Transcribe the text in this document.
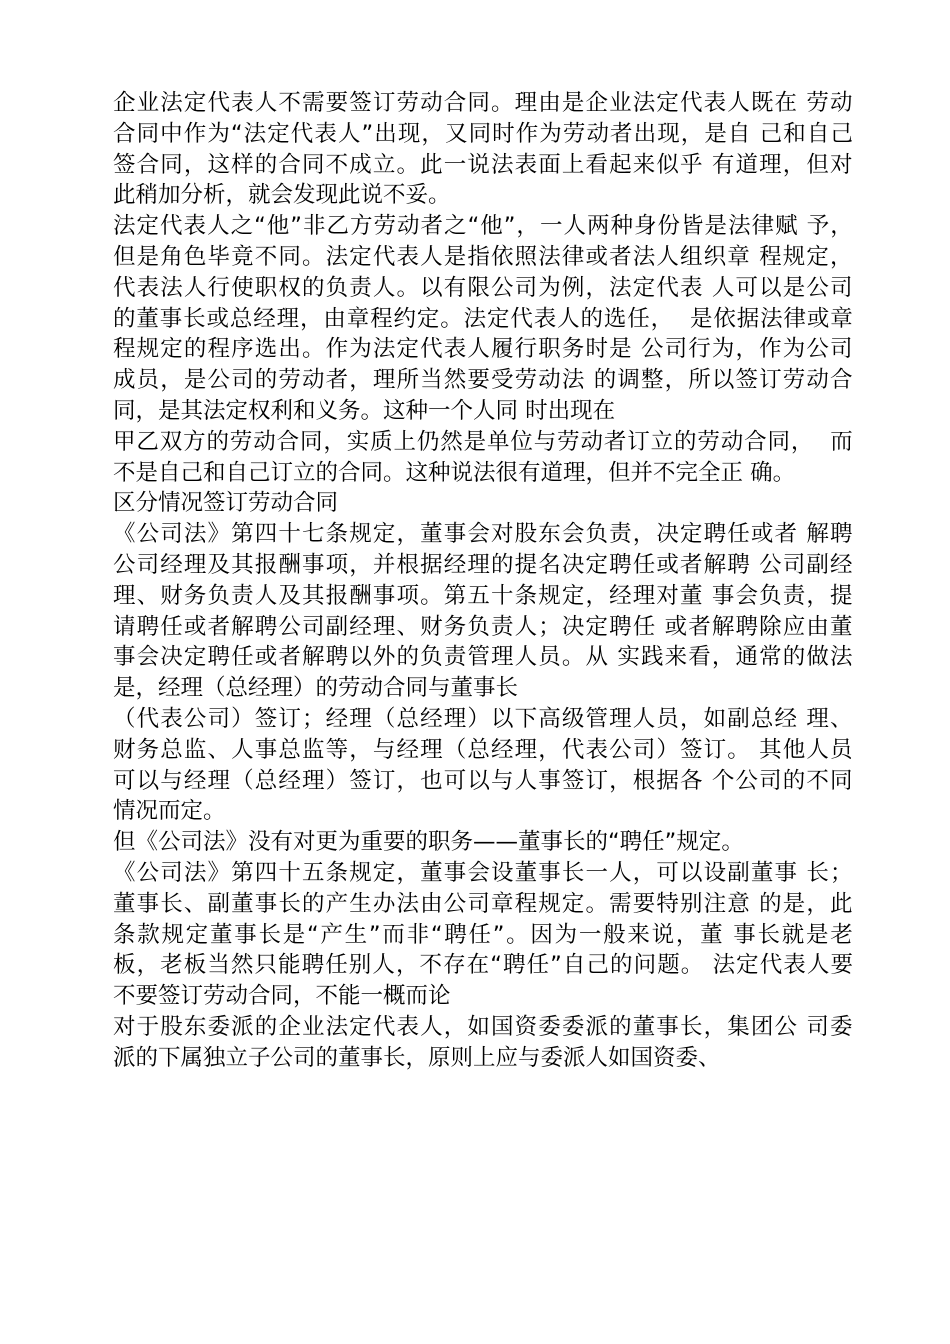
企 业 法 定 代 表 人 不 需 要 签 订 劳 动 合 同 。 理 由 是 企 业 法 定 代 表 人 既 在
劳 动
合 同 中 作 为 “ 法 定 代 表 人 ” 出 现 ， 又 同 时 作 为 劳 动 者 出 现 ， 是 自
己 和 自 己
签 合 同 ， 这 样 的 合 同 不 成 立 。 此 一 说 法 表 面 上 看 起 来 似 乎
有 道 理 ， 但 对
此稍加分析，就会发现此说不妥。
法 定 代 表 人 之 “ 他 ” 非 乙 方 劳 动 者 之 “ 他 ” ， 一 人 两 种 身 份 皆 是 法 律 赋
予 ，
但 是 角 色 毕 竟 不 同 。 法 定 代 表 人 是 指 依 照 法 律 或 者 法 人 组 织 章
程 规 定 ，
代 表 法 人 行 使 职 权 的 负 责 人 。 以 有 限 公 司 为 例 ， 法 定 代 表
人 可 以 是 公 司
的 董 事 长 或 总 经 理 ， 由 章 程 约 定 。 法 定 代 表 人 的 选 任 ，

是 依 据 法 律 或 章
程 规 定 的 程 序 选 出 。 作 为 法 定 代 表 人 履 行 职 务 时 是
公 司 行 为 ， 作 为 公 司
成 员 ， 是 公 司 的 劳 动 者 ， 理 所 当 然 要 受 劳 动 法
的 调 整 ， 所 以 签 订 劳 动 合
同，是其法定权利和义务。这种一个人同 时出现在
甲 乙 双 方 的 劳 动 合 同 ， 实 质 上 仍 然 是 单 位 与 劳 动 者 订 立 的 劳 动 合 同 ，

而
不是自己和自己订立的合同。这种说法很有道理，但并不完全正 确。
区分情况签订劳动合同
《 公 司 法 》 第 四 十 七 条 规 定 ， 董 事 会 对 股 东 会 负 责 ， 决 定 聘 任 或 者
解 聘
公 司 经 理 及 其 报 酬 事 项 ， 并 根 据 经 理 的 提 名 决 定 聘 任 或 者 解 聘
公 司 副 经
理 、 财 务 负 责 人 及 其 报 酬 事 项 。 第 五 十 条 规 定 ， 经 理 对 董
事 会 负 责 ， 提
请 聘 任 或 者 解 聘 公 司 副 经 理 、 财 务 负 责 人 ； 决 定 聘 任
或 者 解 聘 除 应 由 董
事 会 决 定 聘 任 或 者 解 聘 以 外 的 负 责 管 理 人 员 。 从
实 践 来 看 ， 通 常 的 做 法
是，经理（总经理）的劳动合同与董事长
（ 代 表 公 司 ） 签 订 ； 经 理 （ 总 经 理 ） 以 下 高 级 管 理 人 员 ， 如 副 总 经
理 、
财 务 总 监 、 人 事 总 监 等 ， 与 经 理 （ 总 经 理 ， 代 表 公 司 ） 签 订 。
其 他 人 员
可 以 与 经 理 （ 总 经 理 ） 签 订 ， 也 可 以 与 人 事 签 订 ， 根 据 各
个 公 司 的 不 同
情况而定。
但《公司法》没有对更为重要的职务——董事长的“聘任”规定。
《 公 司 法 》 第 四 十 五 条 规 定 ， 董 事 会 设 董 事 长 一 人 ， 可 以 设 副 董 事
长 ；
董 事 长 、 副 董 事 长 的 产 生 办 法 由 公 司 章 程 规 定 。 需 要 特 别 注 意
的 是 ， 此
条 款 规 定 董 事 长 是 “ 产 生 ” 而 非 “ 聘 任 ” 。 因 为 一 般 来 说 ， 董
事 长 就 是 老
板 ， 老 板 当 然 只 能 聘 任 别 人 ， 不 存 在 “ 聘 任 ” 自 己 的 问 题 。
法 定 代 表 人 要
不要签订劳动合同，不能一概而论
对 于 股 东 委 派 的 企 业 法 定 代 表 人 ， 如 国 资 委 委 派 的 董 事 长 ， 集 团 公
司 委
派的下属独立子公司的董事长，原则上应与委派人如国资委、
